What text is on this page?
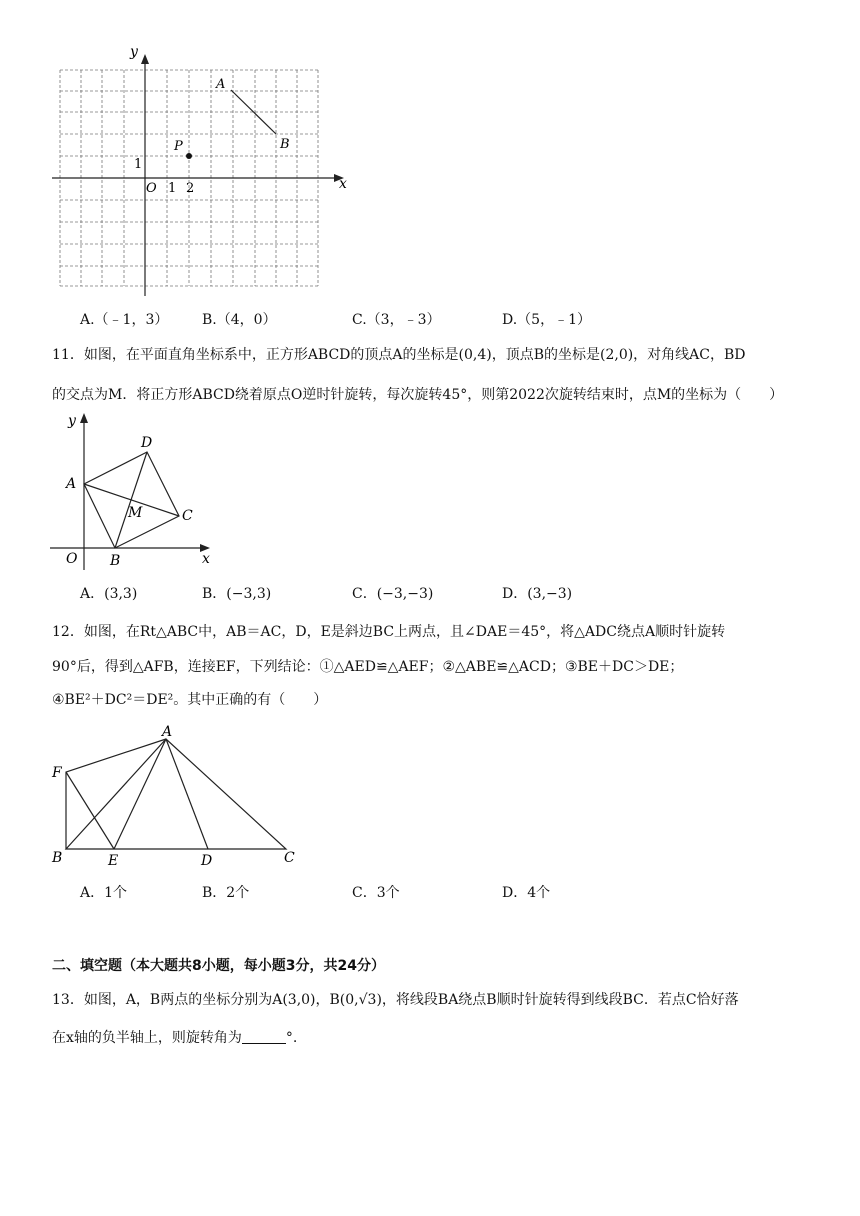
x
y
O 1 2
1
A
B
P
A.（﹣1，3） B.（4，0）	C.（3，﹣3）	D.（5，﹣1）
11．如图，在平面直角坐标系中，正方形ABCD的顶点A的坐标是(0,4)，顶点B的坐标是(2,0)，对角线AC，BD
的交点为M．将正方形ABCD绕着原点O逆时针旋转，每次旋转45°，则第2022次旋转结束时，点M的坐标为（　　）
y
x
O
A
B
C
D
M
A．(3,3)	B．(−3,3)	C．(−3,−3)	D．(3,−3)
12．如图，在Rt△ABC中，AB＝AC，D，E是斜边BC上两点，且∠DAE＝45°，将△ADC绕点A顺时针旋转
90°后，得到△AFB，连接EF，下列结论：①△AED≌△AEF；②△ABE≌△ACD；③BE＋DC＞DE；
④BE²＋DC²＝DE²。其中正确的有（　　）
A
F
B	E	D	C
A．1个	B．2个	C．3个	D．4个
二、填空题（本大题共8小题，每小题3分，共24分）
13．如图，A，B两点的坐标分别为A(3,0)，B(0,√3)，将线段BA绕点B顺时针旋转得到线段BC．若点C恰好落
在x轴的负半轴上，则旋转角为	°.
